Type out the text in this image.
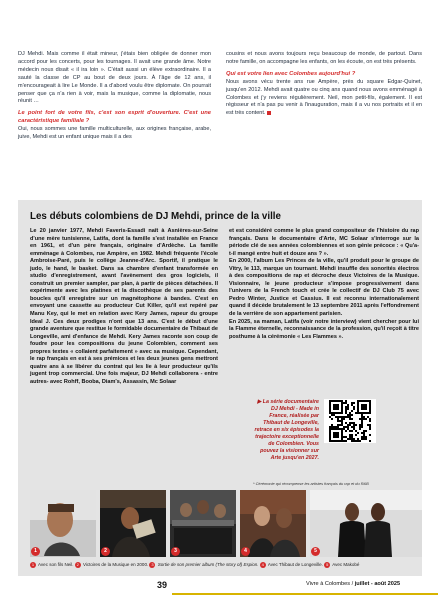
DJ Mehdi. Mais comme il était mineur, j'étais bien obligée de donner mon accord pour les concerts, pour les tournages. Il avait une grande âme. Notre médecin nous disait « il ira loin ». C'était aussi un élève extraordinaire. Il a sauté la classe de CP au bout de deux jours. À l'âge de 12 ans, il m'encourageait à lire Le Monde. Il a d'abord voulu être diplomate. On pourrait penser que ça n'a rien à voir, mais la musique, comme la diplomatie, nous réunit …

Le point fort de votre fils, c'est son esprit d'ouverture. C'est une caractéristique familiale ?

Oui, nous sommes une famille multiculturelle, aux origines française, arabe, juive, Mehdi est un enfant unique mais il a des

cousins et nous avons toujours reçu beaucoup de monde, de partout. Dans notre famille, on accompagne les enfants, on les écoute, on est très présents.

Qui est votre lien avec Colombes aujourd'hui ?

Nous avons vécu trente ans rue Ampère, près du square Edgar-Quinet, jusqu'en 2012. Mehdi avait quatre ou cinq ans quand nous avons emménagé à Colombes et j'y reviens régulièrement. Neil, mon petit-fils, également. Il est régisseur et n'a pas pu venir à l'inauguration, mais il a vu nos portraits et il en est très content.

Les débuts colombiens de DJ Mehdi, prince de la ville

Le 20 janvier 1977, Mehdi Faveris-Essadi naît à Asnières-sur-Seine d'une mère tunisienne, Latifa, dont la famille s'est installée en France en 1961, et d'un père français, originaire d'Ardèche. La famille emménage à Colombes, rue Ampère, en 1982. Mehdi fréquente l'école Ambroise-Paré, puis le collège Jeanne-d'Arc. Sportif, il pratique le judo, le hand, le basket. Dans sa chambre d'enfant transformée en studio d'enregistrement, avant l'avènement des gros logiciels, il construit un premier sampler, par plan, à partir de pièces détachées. Il expérimente avec les platines et la discothèque de ses parents des boucles qu'il enregistre sur un magnétophone à bandes. C'est en envoyant une cassette au producteur Cut Killer, qu'il est repéré par Manu Key, qui le met en relation avec Kery James, rapeur du groupe Ideal J. Ces deux prodiges n'ont que 13 ans. C'est le début d'une grande aventure que restitue le formidable documentaire de Thibaut de Longeville, ami d'enfance de Mehdi. Kery James raconte son coup de foudre pour les compositions du jeune Colombien, comment ses propres textes « collaient parfaitement » avec sa musique. Cependant, le rap français en est à ses prémices et les deux jeunes gens mettront quatre ans à se libérer du contrat qui les lie à leur producteur qu'ils jugent trop commercial. Une fois majeur, DJ Mehdi collaborera - entre autres- avec Rohff, Booba, Diam's, Assassin, Mc Solaar

et est considéré comme le plus grand compositeur de l'histoire du rap français. Dans le documentaire d'Arte, MC Solaar s'interroge sur la période clé de ses années colombiennes et son génie précoce : « Qu'a-t-il mangé entre huit et douze ans ? ».

En 2000, l'album Les Princes de la ville, qu'il produit pour le groupe de Vitry, le 113, marque un tournant. Mehdi insuffle des sonorités électros à des compositions de rap et décroche deux Victoires de la Musique. Visionnaire, le jeune producteur s'impose progressivement dans l'univers de la French touch et crée le collectif de DJ Club 75 avec Pedro Winter, Justice et Cassius. Il est reconnu internationalement quand il décède brutalement le 13 septembre 2011 après l'effondrement de la verrière de son appartement parisien.

En 2025, sa maman, Latifa (voir notre interview) vient chercher pour lui la Flamme éternelle, reconnaissance de la profession, qu'il reçoit à titre posthume à la cérémonie « Les Flammes ».

▶ La série documentaire DJ Mehdi - Made in France, réalisée par Thibaut de Longeville, retrace en six épisodes la trajectoire exceptionnelle de Colombien. Vous pouvez la visionner sur Arte jusqu'en 2027.
* Cérémonie qui récompense les artistes français du rap et du R&B
1	2	3	4	5
1 Avec son fils Neil. 2 Victoires de la Musique en 2000. 3 Sortie de son premier album (The story of) Espion. 4 Avec Thibaut de Longeville. 5 Avec Makobé
39	Vivre à Colombes / juillet - août 2025
